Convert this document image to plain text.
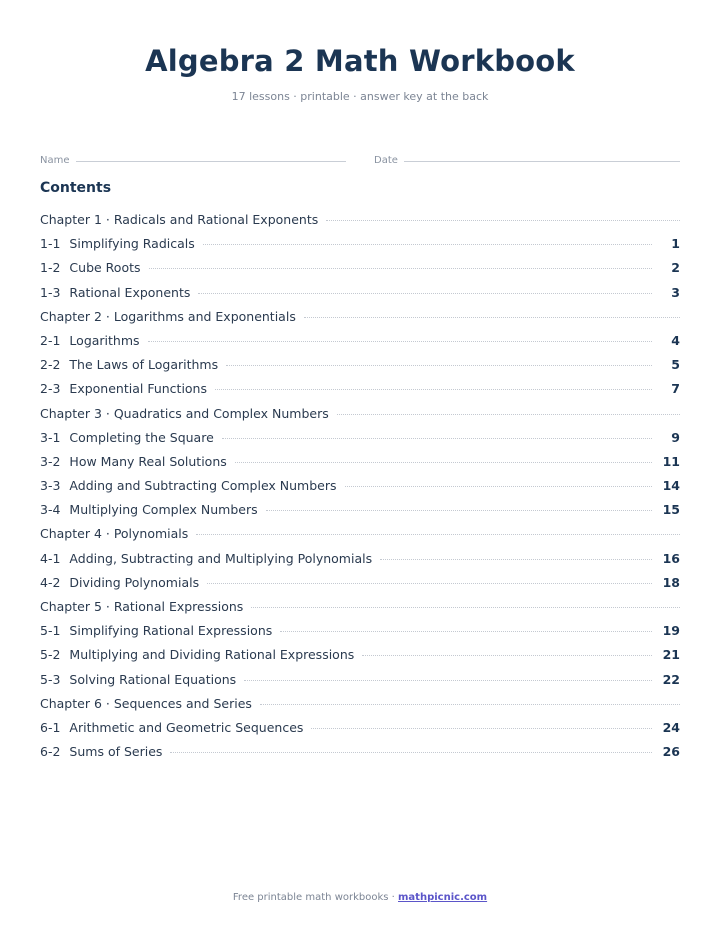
Algebra 2 Math Workbook
17 lessons · printable · answer key at the back
Name	Date
Contents
Chapter 1 · Radicals and Rational Exponents
1-1 Simplifying Radicals	1
1-2 Cube Roots	2
1-3 Rational Exponents	3
Chapter 2 · Logarithms and Exponentials
2-1 Logarithms	4
2-2 The Laws of Logarithms	5
2-3 Exponential Functions	7
Chapter 3 · Quadratics and Complex Numbers
3-1 Completing the Square	9
3-2 How Many Real Solutions	11
3-3 Adding and Subtracting Complex Numbers	14
3-4 Multiplying Complex Numbers	15
Chapter 4 · Polynomials
4-1 Adding, Subtracting and Multiplying Polynomials	16
4-2 Dividing Polynomials	18
Chapter 5 · Rational Expressions
5-1 Simplifying Rational Expressions	19
5-2 Multiplying and Dividing Rational Expressions	21
5-3 Solving Rational Equations	22
Chapter 6 · Sequences and Series
6-1 Arithmetic and Geometric Sequences	24
6-2 Sums of Series	26
Free printable math workbooks · mathpicnic.com
